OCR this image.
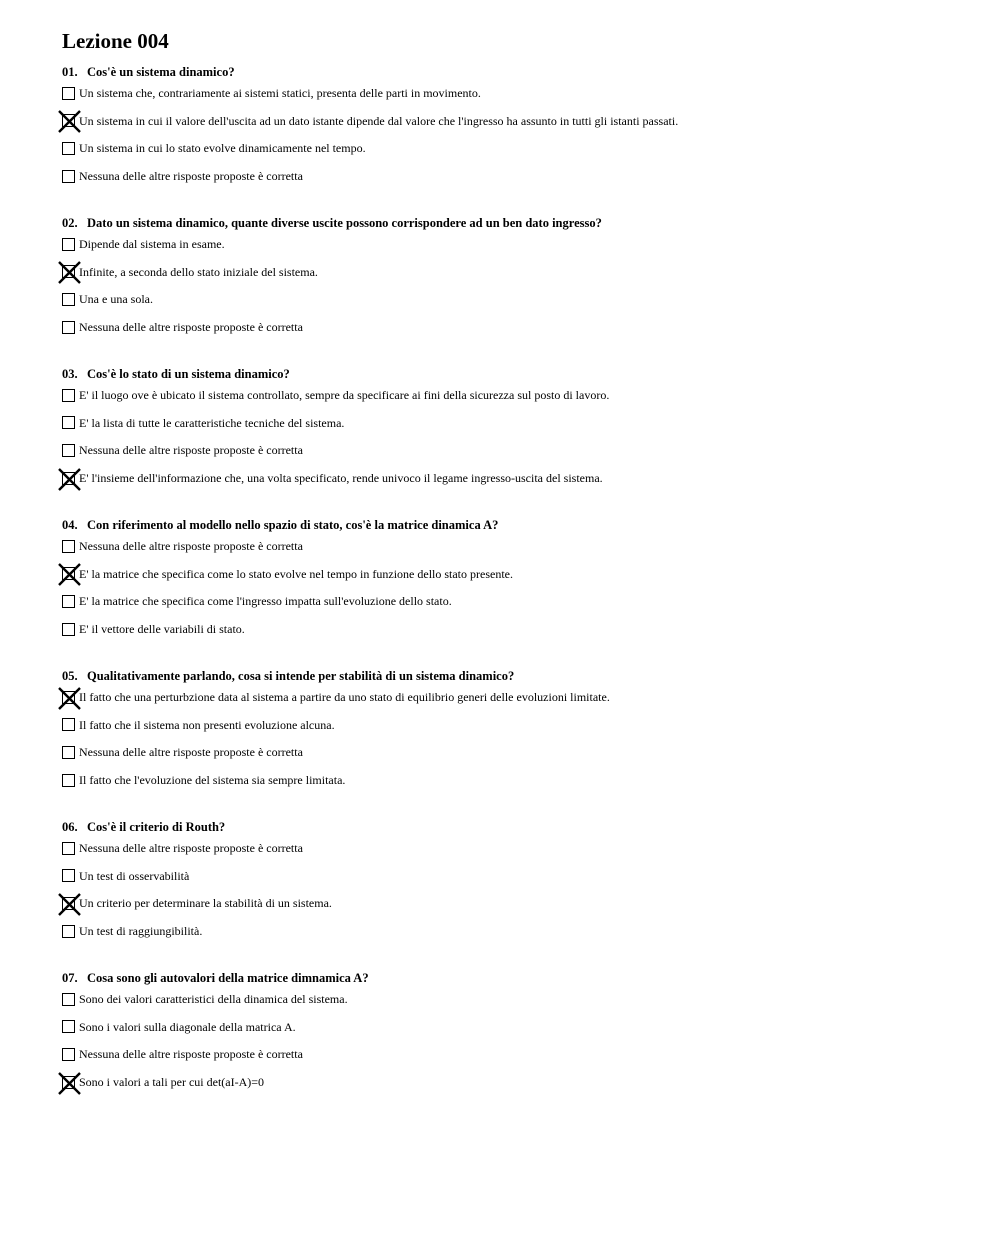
Lezione 004
01. Cos'è un sistema dinamico?
Un sistema che, contrariamente ai sistemi statici, presenta delle parti in movimento.
Un sistema in cui il valore dell'uscita ad un dato istante dipende dal valore che l'ingresso ha assunto in tutti gli istanti passati.
Un sistema in cui lo stato evolve dinamicamente nel tempo.
Nessuna delle altre risposte proposte è corretta
02. Dato un sistema dinamico, quante diverse uscite possono corrispondere ad un ben dato ingresso?
Dipende dal sistema in esame.
Infinite, a seconda dello stato iniziale del sistema.
Una e una sola.
Nessuna delle altre risposte proposte è corretta
03. Cos'è lo stato di un sistema dinamico?
E' il luogo ove è ubicato il sistema controllato, sempre da specificare ai fini della sicurezza sul posto di lavoro.
E' la lista di tutte le caratteristiche tecniche del sistema.
Nessuna delle altre risposte proposte è corretta
E' l'insieme dell'informazione che, una volta specificato, rende univoco il legame ingresso-uscita del sistema.
04. Con riferimento al modello nello spazio di stato, cos'è la matrice dinamica A?
Nessuna delle altre risposte proposte è corretta
E' la matrice che specifica come lo stato evolve nel tempo in funzione dello stato presente.
E' la matrice che specifica come l'ingresso impatta sull'evoluzione dello stato.
E' il vettore delle variabili di stato.
05. Qualitativamente parlando, cosa si intende per stabilità di un sistema dinamico?
Il fatto che una perturbzione data al sistema a partire da uno stato di equilibrio generi delle evoluzioni limitate.
Il fatto che il sistema non presenti evoluzione alcuna.
Nessuna delle altre risposte proposte è corretta
Il fatto che l'evoluzione del sistema sia sempre limitata.
06. Cos'è il criterio di Routh?
Nessuna delle altre risposte proposte è corretta
Un test di osservabilità
Un criterio per determinare la stabilità di un sistema.
Un test di raggiungibilità.
07. Cosa sono gli autovalori della matrice dimnamica A?
Sono dei valori caratteristici della dinamica del sistema.
Sono i valori sulla diagonale della matrica A.
Nessuna delle altre risposte proposte è corretta
Sono i valori a tali per cui det(aI-A)=0
